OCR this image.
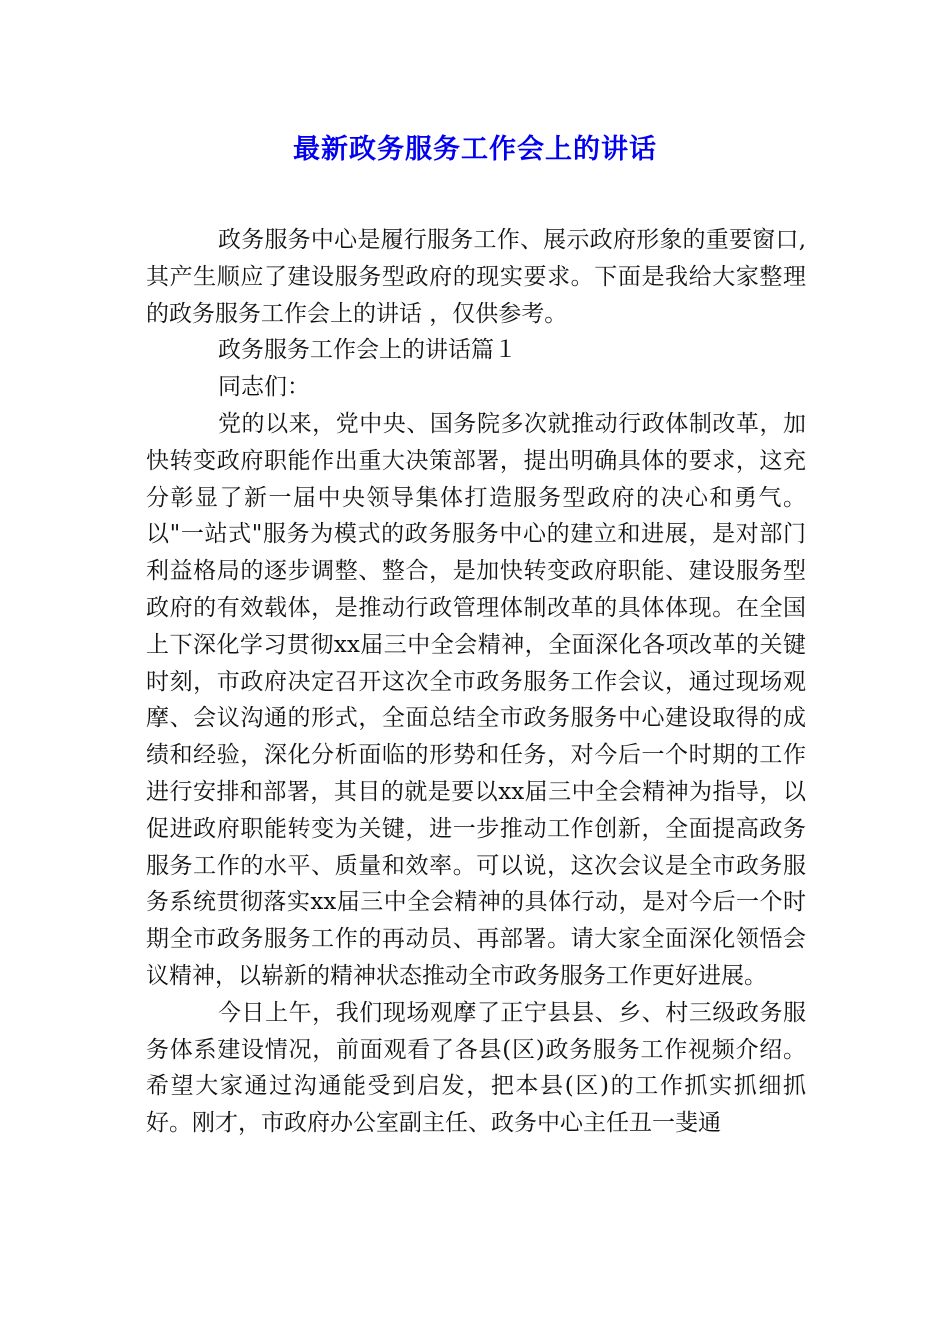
最新政务服务工作会上的讲话

政务服务中心是履行服务工作、展示政府形象的重要窗口,其产生顺应了建设服务型政府的现实要求。下面是我给大家整理的政务服务工作会上的讲话 ，仅供参考。

政务服务工作会上的讲话篇１

同志们：

党的以来，党中央、国务院多次就推动行政体制改革，加快转变政府职能作出重大决策部署，提出明确具体的要求，这充分彰显了新一届中央领导集体打造服务型政府的决心和勇气。以"一站式"服务为模式的政务服务中心的建立和进展，是对部门利益格局的逐步调整、整合，是加快转变政府职能、建设服务型政府的有效载体，是推动行政管理体制改革的具体体现。在全国上下深化学习贯彻xx届三中全会精神，全面深化各项改革的关键时刻，市政府决定召开这次全市政务服务工作会议，通过现场观摩、会议沟通的形式，全面总结全市政务服务中心建设取得的成绩和经验，深化分析面临的形势和任务，对今后一个时期的工作进行安排和部署，其目的就是要以xx届三中全会精神为指导，以促进政府职能转变为关键，进一步推动工作创新，全面提高政务服务工作的水平、质量和效率。可以说，这次会议是全市政务服务系统贯彻落实xx届三中全会精神的具体行动，是对今后一个时期全市政务服务工作的再动员、再部署。请大家全面深化领悟会议精神，以崭新的精神状态推动全市政务服务工作更好进展。

今日上午，我们现场观摩了正宁县县、乡、村三级政务服务体系建设情况，前面观看了各县(区)政务服务工作视频介绍。希望大家通过沟通能受到启发，把本县(区)的工作抓实抓细抓好。刚才，市政府办公室副主任、政务中心主任丑一斐通
